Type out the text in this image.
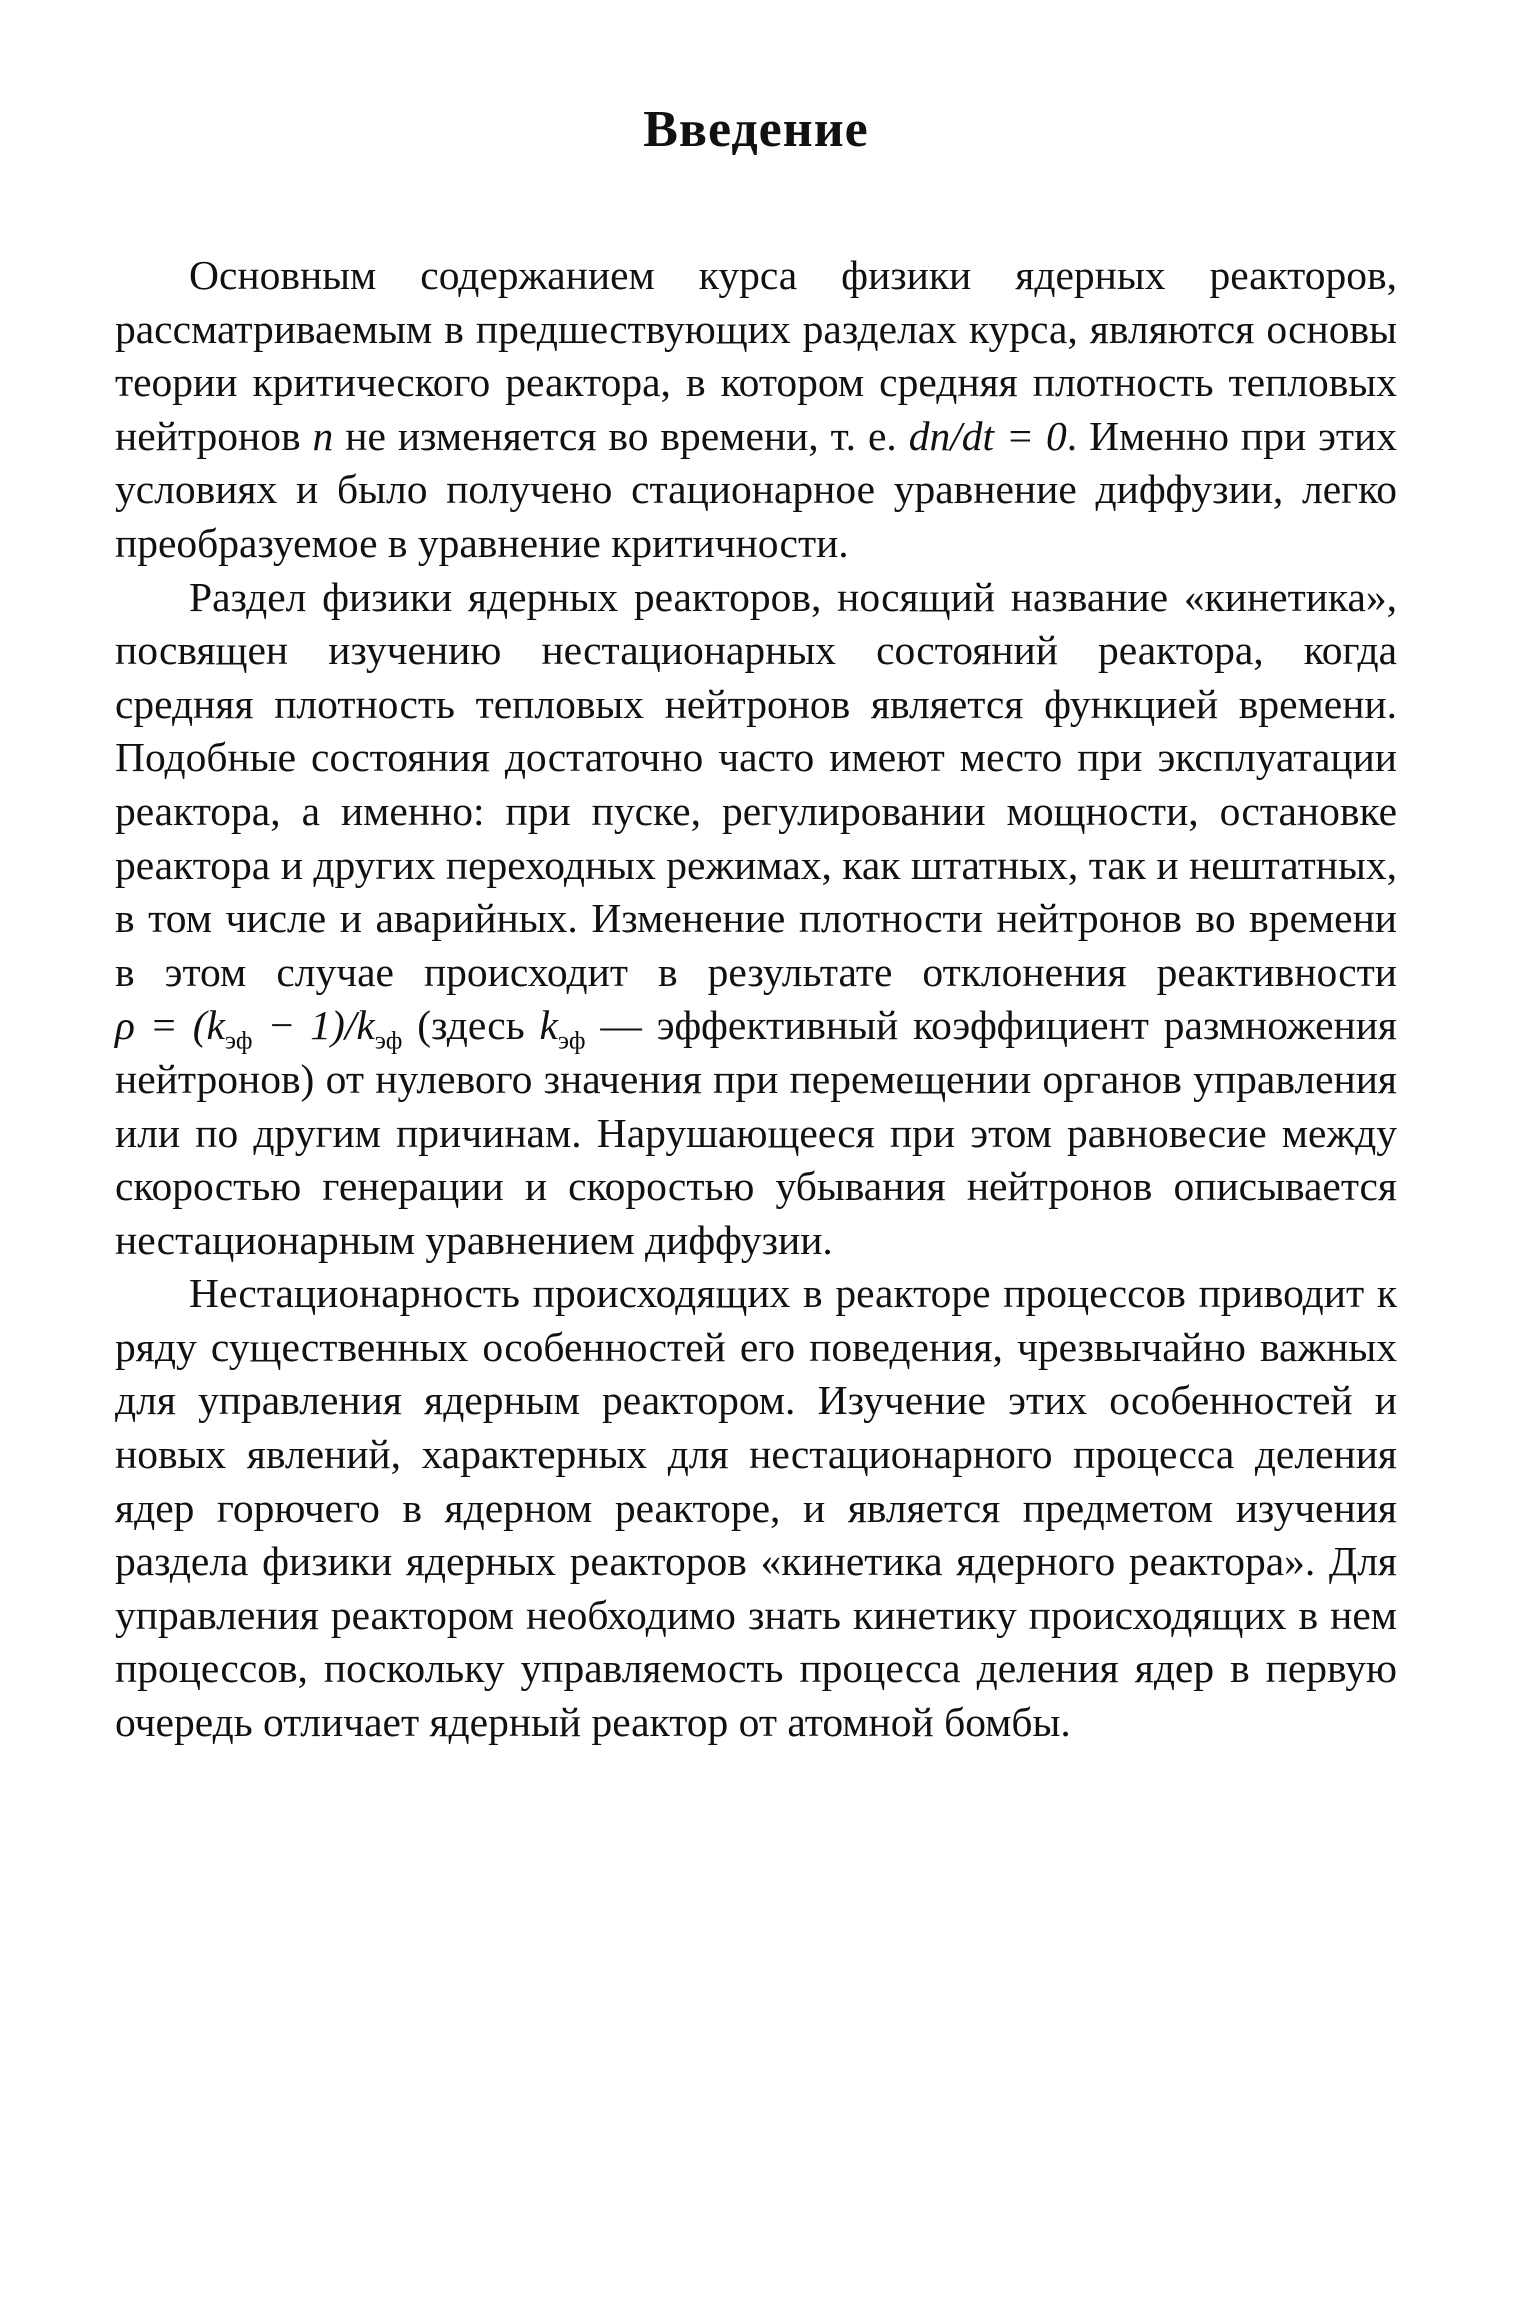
Введение

Основным содержанием курса физики ядерных реакторов, рассматриваемым в предшествующих разделах курса, являются основы теории критического реактора, в котором средняя плотность тепловых нейтронов n не изменяется во времени, т. е. dn/dt = 0. Именно при этих условиях и было получено стационарное уравнение диффузии, легко преобразуемое в уравнение критичности.

Раздел физики ядерных реакторов, носящий название «кинетика», посвящен изучению нестационарных состояний реактора, когда средняя плотность тепловых нейтронов является функцией времени. Подобные состояния достаточно часто имеют место при эксплуатации реактора, а именно: при пуске, регулировании мощности, остановке реактора и других переходных режимах, как штатных, так и нештатных, в том числе и аварийных. Изменение плотности нейтронов во времени в этом случае происходит в результате отклонения реактивности $\rho = (k_{эф} - 1)/k_{эф}$ (здесь $k_{эф}$ — эффективный коэффициент размножения нейтронов) от нулевого значения при перемещении органов управления или по другим причинам. Нарушающееся при этом равновесие между скоростью генерации и скоростью убывания нейтронов описывается нестационарным уравнением диффузии.

Нестационарность происходящих в реакторе процессов приводит к ряду существенных особенностей его поведения, чрезвычайно важных для управления ядерным реактором. Изучение этих особенностей и новых явлений, характерных для нестационарного процесса деления ядер горючего в ядерном реакторе, и является предметом изучения раздела физики ядерных реакторов «кинетика ядерного реактора». Для управления реактором необходимо знать кинетику происходящих в нем процессов, поскольку управляемость процесса деления ядер в первую очередь отличает ядерный реактор от атомной бомбы.
